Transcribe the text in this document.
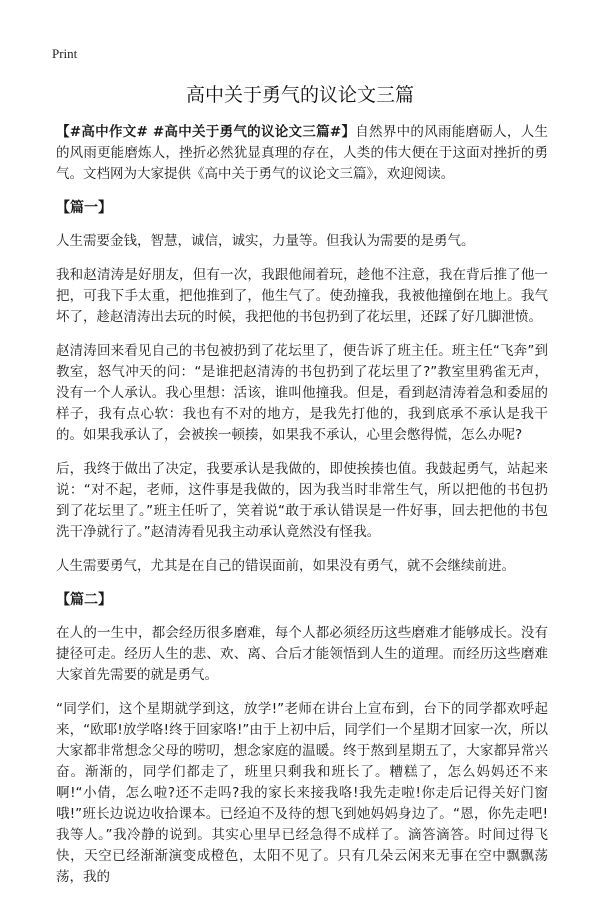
Print
高中关于勇气的议论文三篇

【#高中作文# #高中关于勇气的议论文三篇#】自然界中的风雨能磨砺人，人生的风雨更能磨炼人，挫折必然犹显真理的存在，人类的伟大便在于这面对挫折的勇气。文档网为大家提供《高中关于勇气的议论文三篇》，欢迎阅读。

【篇一】

人生需要金钱，智慧，诚信，诚实，力量等。但我认为需要的是勇气。

我和赵清涛是好朋友，但有一次，我跟他闹着玩，趁他不注意，我在背后推了他一把，可我下手太重，把他推到了，他生气了。使劲撞我，我被他撞倒在地上。我气坏了，趁赵清涛出去玩的时候，我把他的书包扔到了花坛里，还踩了好几脚泄愤。

赵清涛回来看见自己的书包被扔到了花坛里了，便告诉了班主任。班主任“飞奔”到教室，怒气冲天的问：“是谁把赵清涛的书包扔到了花坛里了?”教室里鸦雀无声，没有一个人承认。我心里想：活该，谁叫他撞我。但是，看到赵清涛着急和委屈的样子，我有点心软：我也有不对的地方，是我先打他的，我到底承不承认是我干的。如果我承认了，会被挨一顿揍，如果我不承认，心里会憋得慌，怎么办呢?

后，我终于做出了决定，我要承认是我做的，即使挨揍也值。我鼓起勇气，站起来说：“对不起，老师，这件事是我做的，因为我当时非常生气，所以把他的书包扔到了花坛里了。”班主任听了，笑着说“敢于承认错误是一件好事，回去把他的书包洗干净就行了。”赵清涛看见我主动承认竟然没有怪我。

人生需要勇气，尤其是在自己的错误面前，如果没有勇气，就不会继续前进。

【篇二】

在人的一生中，都会经历很多磨难，每个人都必须经历这些磨难才能够成长。没有捷径可走。经历人生的悲、欢、离、合后才能领悟到人生的道理。而经历这些磨难大家首先需要的就是勇气。

“同学们，这个星期就学到这，放学!”老师在讲台上宣布到，台下的同学都欢呼起来，“欧耶!放学咯!终于回家咯!”由于上初中后，同学们一个星期才回家一次，所以大家都非常想念父母的唠叨，想念家庭的温暖。终于熬到星期五了，大家都异常兴奋。渐渐的，同学们都走了，班里只剩我和班长了。糟糕了，怎么妈妈还不来啊!“小倩，怎么啦?还不走吗?我的家长来接我咯!我先走啦!你走后记得关好门窗哦!”班长边说边收拾课本。已经迫不及待的想飞到她妈妈身边了。“恩，你先走吧!我等人。”我冷静的说到。其实心里早已经急得不成样了。滴答滴答。时间过得飞快，天空已经渐渐演变成橙色，太阳不见了。只有几朵云闲来无事在空中飘飘荡荡，我的
